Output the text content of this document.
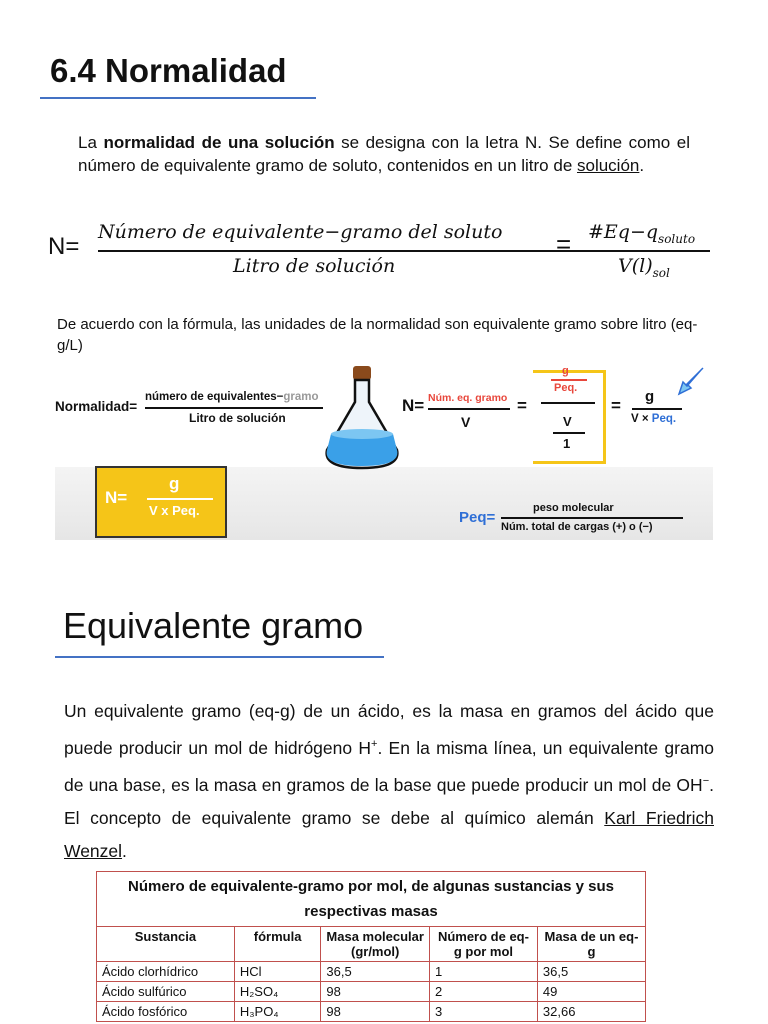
6.4 Normalidad
La normalidad de una solución se designa con la letra N. Se define como el número de equivalente gramo de soluto, contenidos en un litro de solución.
N=
Número de equivalente−gramo del soluto
Litro de solución
= $\#Eq-q_{soluto}$
$V(l)_{sol}$
De acuerdo con la fórmula, las unidades de la normalidad son equivalente gramo sobre litro (eq-g/L)
Normalidad=
número de equivalentes−gramo
Litro de solución
N= Núm. eq. gramo
V
=
g
Peq.
V
1
= g
V × Peq.
N=
g
V x Peq.	Peq=
peso molecular
Núm. total de cargas (+) o (−)
Equivalente gramo
Un equivalente gramo (eq-g) de un ácido, es la masa en gramos del ácido que puede producir un mol de hidrógeno H+. En la misma línea, un equivalente gramo de una base, es la masa en gramos de la base que puede producir un mol de OH−. El concepto de equivalente gramo se debe al químico alemán Karl Friedrich Wenzel.
Número de equivalente-gramo por mol, de algunas sustancias y sus respectivas masas				
Sustancia	fórmula	Masa molecular (gr/mol)	Número de eq-g por mol	Masa de un eq-g
Ácido clorhídrico	HCl	36,5	1	36,5
Ácido sulfúrico	H₂SO₄	98	2	49
Ácido fosfórico	H₃PO₄	98	3	32,66
